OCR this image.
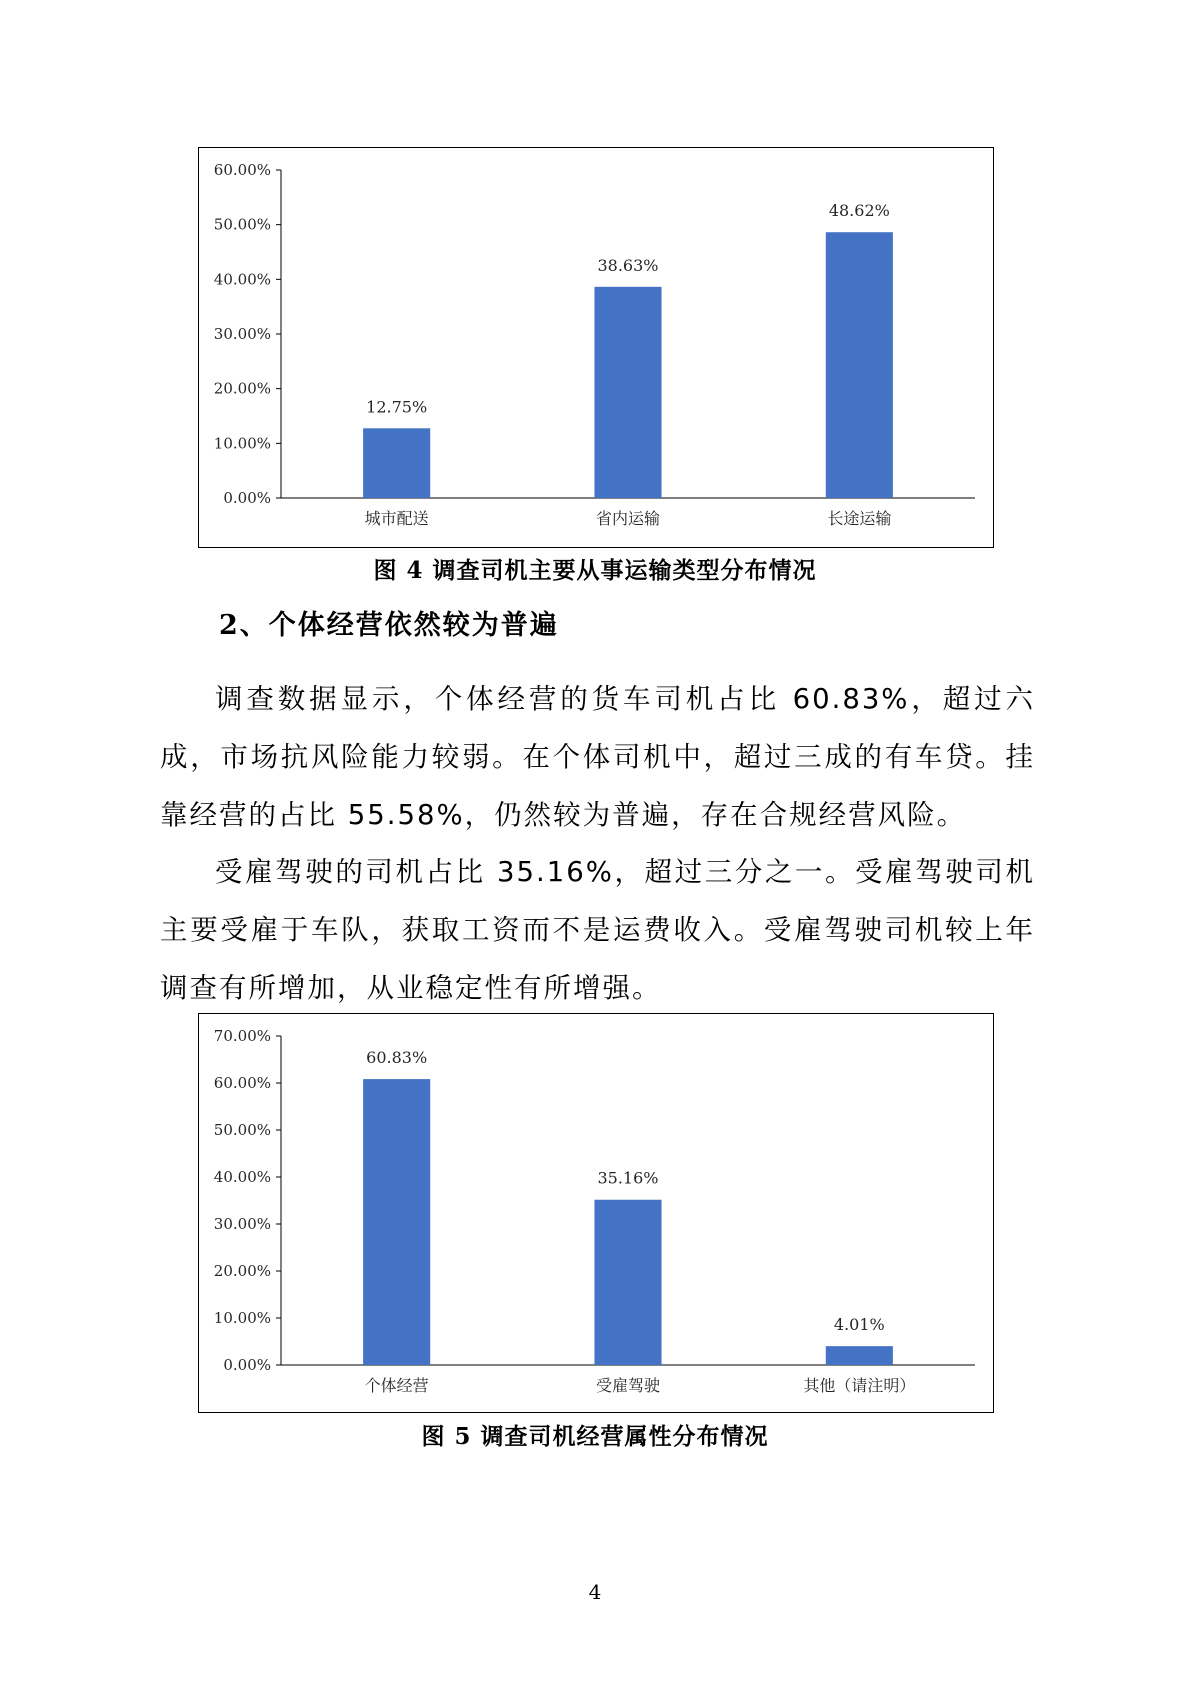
0.00%
10.00%
20.00%
30.00%
40.00%
50.00%
60.00%
12.75%
城市配送
38.63%
省内运输
48.62%
长途运输
图 4 调查司机主要从事运输类型分布情况
2、个体经营依然较为普遍

调查数据显示，个体经营的货车司机占比 60.83%，超过六成，市场抗风险能力较弱。在个体司机中，超过三成的有车贷。挂靠经营的占比 55.58%，仍然较为普遍，存在合规经营风险。

受雇驾驶的司机占比 35.16%，超过三分之一。受雇驾驶司机主要受雇于车队，获取工资而不是运费收入。受雇驾驶司机较上年调查有所增加，从业稳定性有所增强。

0.00%
10.00%
20.00%
30.00%
40.00%
50.00%
60.00%
70.00%
60.83%
个体经营
35.16%
受雇驾驶
4.01%
其他（请注明）
图 5 调查司机经营属性分布情况
4
